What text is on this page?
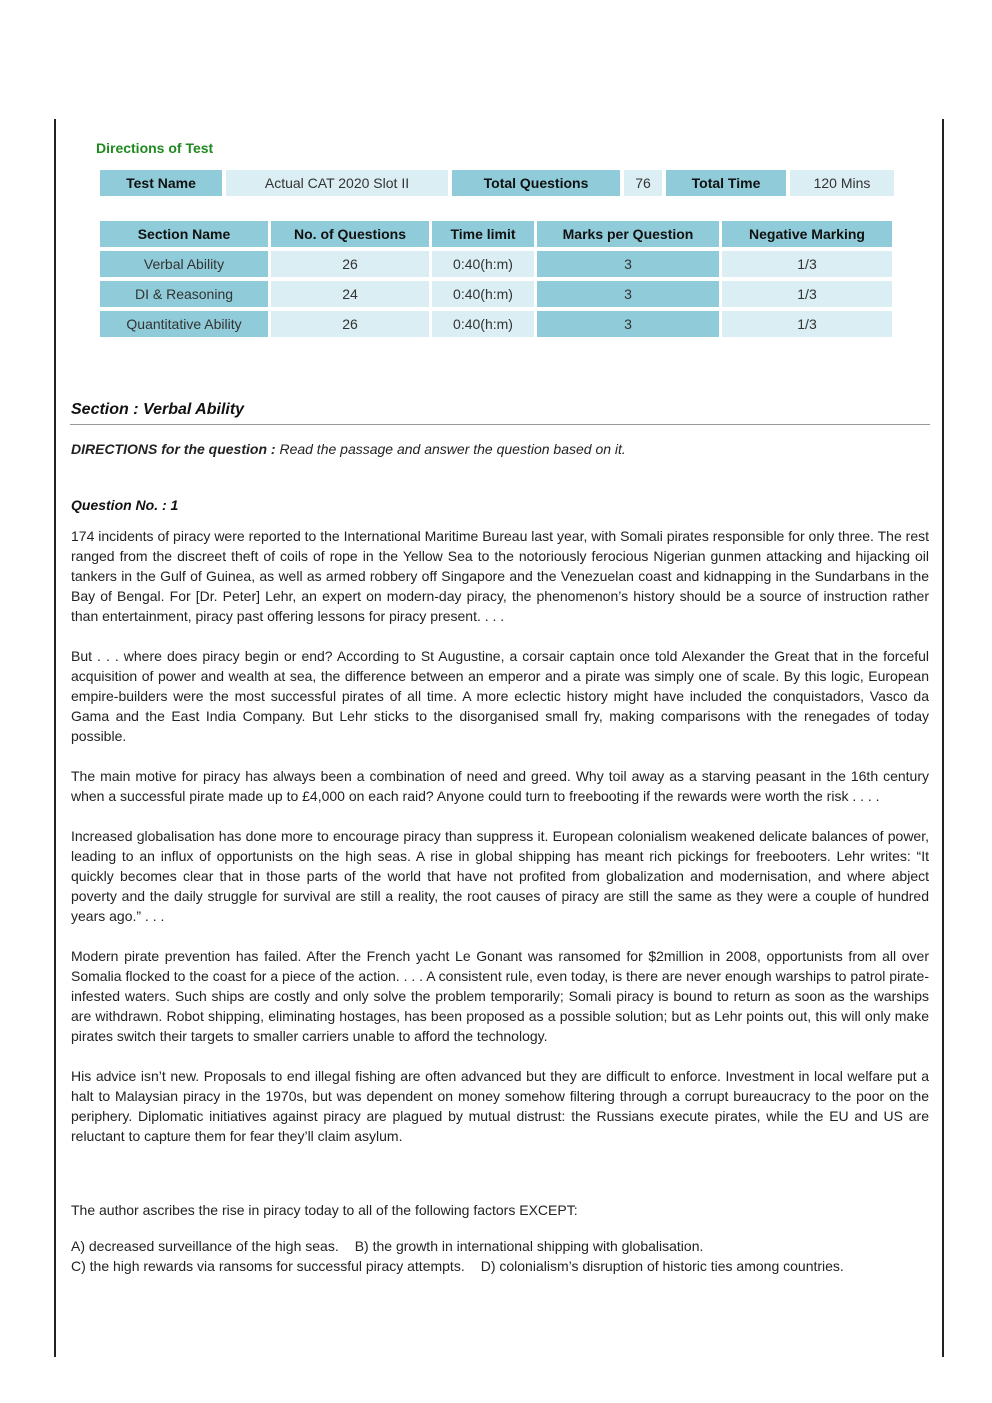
Directions of Test
Test Name	Actual CAT 2020 Slot II	Total Questions	76	Total Time	120 Mins
Section Name	No. of Questions	Time limit	Marks per Question	Negative Marking
Verbal Ability	26	0:40(h:m)	3	1/3
DI & Reasoning	24	0:40(h:m)	3	1/3
Quantitative Ability	26	0:40(h:m)	3	1/3
Section : Verbal Ability
DIRECTIONS for the question : Read the passage and answer the question based on it.
Question No. : 1

174 incidents of piracy were reported to the International Maritime Bureau last year, with Somali pirates responsible for only three. The rest ranged from the discreet theft of coils of rope in the Yellow Sea to the notoriously ferocious Nigerian gunmen attacking and hijacking oil tankers in the Gulf of Guinea, as well as armed robbery off Singapore and the Venezuelan coast and kidnapping in the Sundarbans in the Bay of Bengal. For [Dr. Peter] Lehr, an expert on modern-day piracy, the phenomenon’s history should be a source of instruction rather than entertainment, piracy past offering lessons for piracy present. . . .

But . . . where does piracy begin or end? According to St Augustine, a corsair captain once told Alexander the Great that in the forceful acquisition of power and wealth at sea, the difference between an emperor and a pirate was simply one of scale. By this logic, European empire-builders were the most successful pirates of all time. A more eclectic history might have included the conquistadors, Vasco da Gama and the East India Company. But Lehr sticks to the disorganised small fry, making comparisons with the renegades of today possible.

The main motive for piracy has always been a combination of need and greed. Why toil away as a starving peasant in the 16th century when a successful pirate made up to £4,000 on each raid? Anyone could turn to freebooting if the rewards were worth the risk . . . .

Increased globalisation has done more to encourage piracy than suppress it. European colonialism weakened delicate balances of power, leading to an influx of opportunists on the high seas. A rise in global shipping has meant rich pickings for freebooters. Lehr writes: “It quickly becomes clear that in those parts of the world that have not profited from globalization and modernisation, and where abject poverty and the daily struggle for survival are still a reality, the root causes of piracy are still the same as they were a couple of hundred years ago.” . . .

Modern pirate prevention has failed. After the French yacht Le Gonant was ransomed for $2million in 2008, opportunists from all over Somalia flocked to the coast for a piece of the action. . . . A consistent rule, even today, is there are never enough warships to patrol pirate-infested waters. Such ships are costly and only solve the problem temporarily; Somali piracy is bound to return as soon as the warships are withdrawn. Robot shipping, eliminating hostages, has been proposed as a possible solution; but as Lehr points out, this will only make pirates switch their targets to smaller carriers unable to afford the technology.

His advice isn’t new. Proposals to end illegal fishing are often advanced but they are difficult to enforce. Investment in local welfare put a halt to Malaysian piracy in the 1970s, but was dependent on money somehow filtering through a corrupt bureaucracy to the poor on the periphery. Diplomatic initiatives against piracy are plagued by mutual distrust: the Russians execute pirates, while the EU and US are reluctant to capture them for fear they’ll claim asylum.

The author ascribes the rise in piracy today to all of the following factors EXCEPT:
A) decreased surveillance of the high seas. B) the growth in international shipping with globalisation.
C) the high rewards via ransoms for successful piracy attempts. D) colonialism’s disruption of historic ties among countries.
